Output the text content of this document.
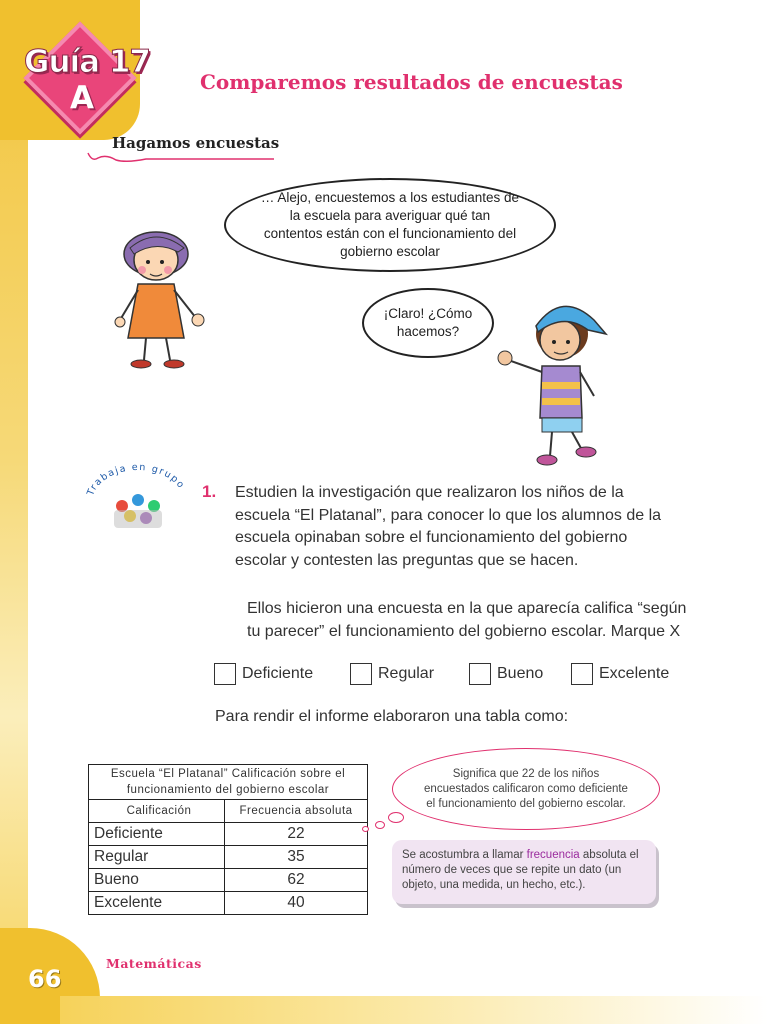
Guía 17
A	Comparemos resultados de encuestas
Hagamos encuestas
… Alejo, encuestemos a los estudiantes de la escuela para averiguar qué tan contentos están con el funcionamiento del gobierno escolar
¡Claro! ¿Cómo hacemos?
Trabaja en grupo 1. Estudien la investigación que realizaron los niños de la escuela “El Platanal”, para conocer lo que los alumnos de la escuela opinaban sobre el funcionamiento del gobierno escolar y contesten las preguntas que se hacen.
Ellos hicieron una encuesta en la que aparecía califica “según tu parecer” el funcionamiento del gobierno escolar. Marque X
Deficiente	Regular	Bueno	Excelente
Para rendir el informe elaboraron una tabla como:
Escuela “El Platanal” Calificación sobre el funcionamiento del gobierno escolar	
Calificación	Frecuencia absoluta
Deficiente	22
Regular	35
Bueno	62
Excelente	40
Significa que 22 de los niños encuestados calificaron como deficiente el funcionamiento del gobierno escolar.
Se acostumbra a llamar frecuencia absoluta el número de veces que se repite un dato (un objeto, una medida, un hecho, etc.).
Matemáticas
66
